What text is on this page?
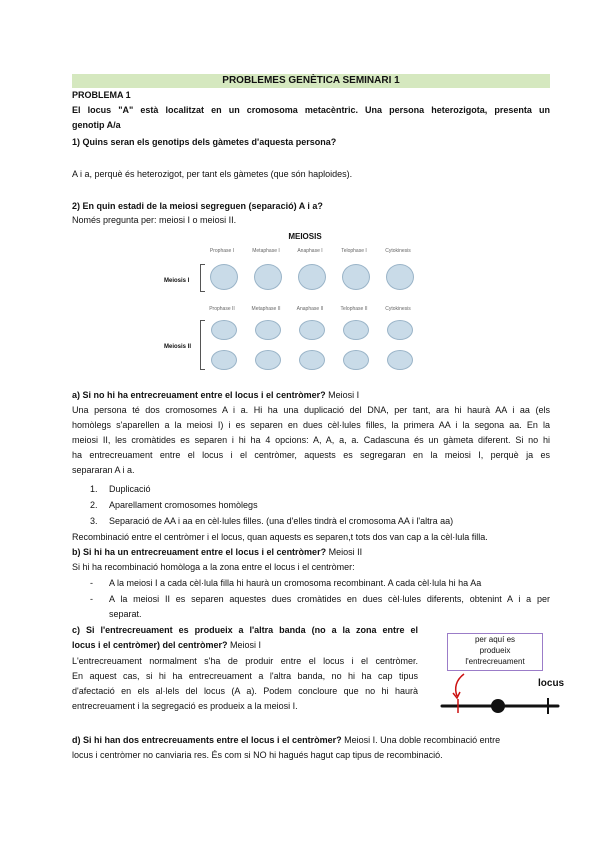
PROBLEMES GENÈTICA SEMINARI 1
PROBLEMA 1
El locus "A" està localitzat en un cromosoma metacèntric. Una persona heterozigota, presenta un
genotip A/a
1) Quins seran els genotips dels gàmetes d'aquesta persona?
A i a, perquè és heterozigot, per tant els gàmetes (que són haploides).
2) En quin estadi de la meiosi segreguen (separació) A i a?
Només pregunta per: meiosi I o meiosi II.
MEIOSIS
Prophase I	Metaphase I	Anaphase I	Telophase I	Cytokinesis
Meiosis I
Prophase II	Metaphase II	Anaphase II	Telophase II	Cytokinesis
Meiosis II
a) Si no hi ha entrecreuament entre el locus i el centròmer? Meiosi I
Una persona té dos cromosomes A i a. Hi ha una duplicació del DNA, per tant, ara hi haurà AA i aa (els
homòlegs s'aparellen a la meiosi I) i es separen en dues cèl·lules filles, la primera AA i la segona aa. En la
meiosi II, les cromàtides es separen i hi ha 4 opcions: A, A, a, a. Cadascuna és un gàmeta diferent. Si no hi
ha entrecreuament entre el locus i el centròmer, aquests es segregaran en la meiosi I, perquè ja es
separaran A i a.
1. Duplicació
2. Aparellament cromosomes homòlegs
3. Separació de AA i aa en cèl·lules filles. (una d'elles tindrà el cromosoma AA i l'altra aa)
Recombinació entre el centròmer i el locus, quan aquests es separen,t tots dos van cap a la cèl·lula filla.
b) Si hi ha un entrecreuament entre el locus i el centròmer? Meiosi II
Si hi ha recombinació homòloga a la zona entre el locus i el centròmer:
- A la meiosi I a cada cèl·lula filla hi haurà un cromosoma recombinant. A cada cèl·lula hi ha Aa
- A la meiosi II es separen aquestes dues cromàtides en dues cèl·lules diferents, obtenint A i a per
separat.
c) Si l'entrecreuament es produeix a l'altra banda (no a la zona entre el
locus i el centròmer) del centròmer? Meiosi I
L'entrecreuament normalment s'ha de produir entre el locus i el centròmer.
En aquest cas, si hi ha entrecreuament a l'altra banda, no hi ha cap tipus
d'afectació en els al·lels del locus (A a). Podem concloure que no hi haurà
entrecreuament i la segregació es produeix a la meiosi I.
per aquí es
produeix
l'entrecreuament
locus
d) Si hi han dos entrecreuaments entre el locus i el centròmer? Meiosi I. Una doble recombinació entre
locus i centròmer no canviaria res. És com si NO hi hagués hagut cap tipus de recombinació.
